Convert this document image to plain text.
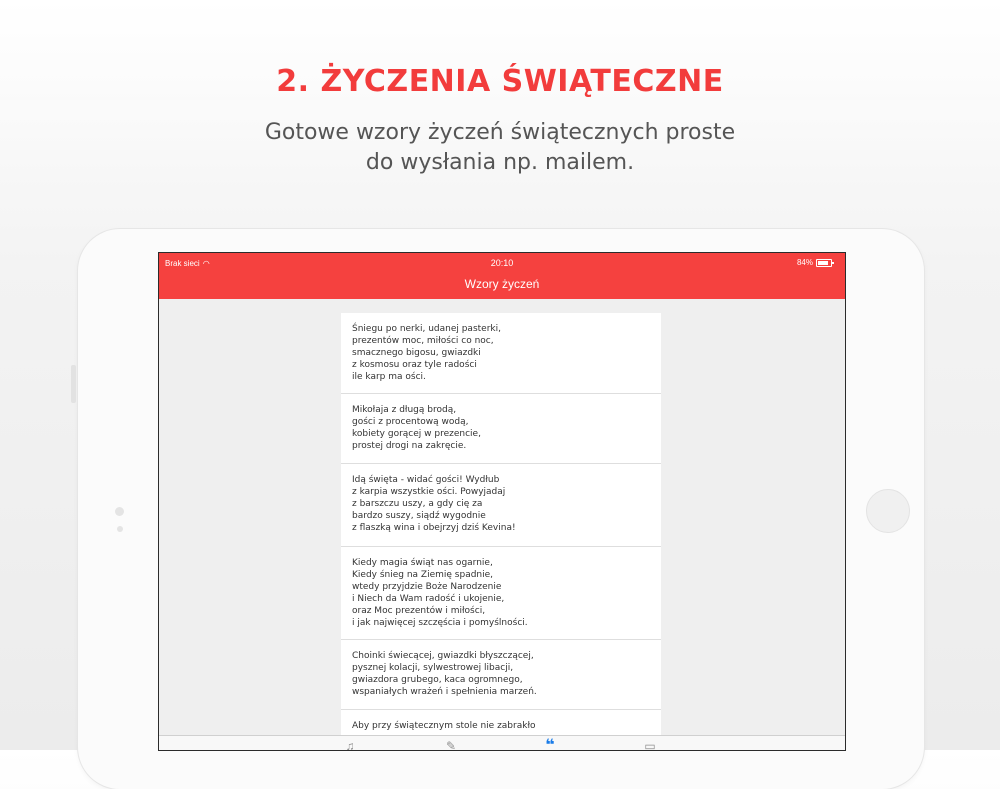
2. ŻYCZENIA ŚWIĄTECZNE
Gotowe wzory życzeń świątecznych proste
do wysłania np. mailem.
Brak sieci ◠	20:10	84%
Wzory życzeń
Śniegu po nerki, udanej pasterki,
prezentów moc, miłości co noc,
smacznego bigosu, gwiazdki
z kosmosu oraz tyle radości
ile karp ma ości.
Mikołaja z długą brodą,
gości z procentową wodą,
kobiety gorącej w prezencie,
prostej drogi na zakręcie.
Idą święta - widać gości! Wydłub
z karpia wszystkie ości. Powyjadaj
z barszczu uszy, a gdy cię za
bardzo suszy, siądź wygodnie
z flaszką wina i obejrzyj dziś Kevina!
Kiedy magia świąt nas ogarnie,
Kiedy śnieg na Ziemię spadnie,
wtedy przyjdzie Boże Narodzenie
i Niech da Wam radość i ukojenie,
oraz Moc prezentów i miłości,
i jak najwięcej szczęścia i pomyślności.
Choinki świecącej, gwiazdki błyszczącej,
pysznej kolacji, sylwestrowej libacji,
gwiazdora grubego, kaca ogromnego,
wspaniałych wrażeń i spełnienia marzeń.
Aby przy świątecznym stole nie zabrakło
♫	✎	❝	▭
